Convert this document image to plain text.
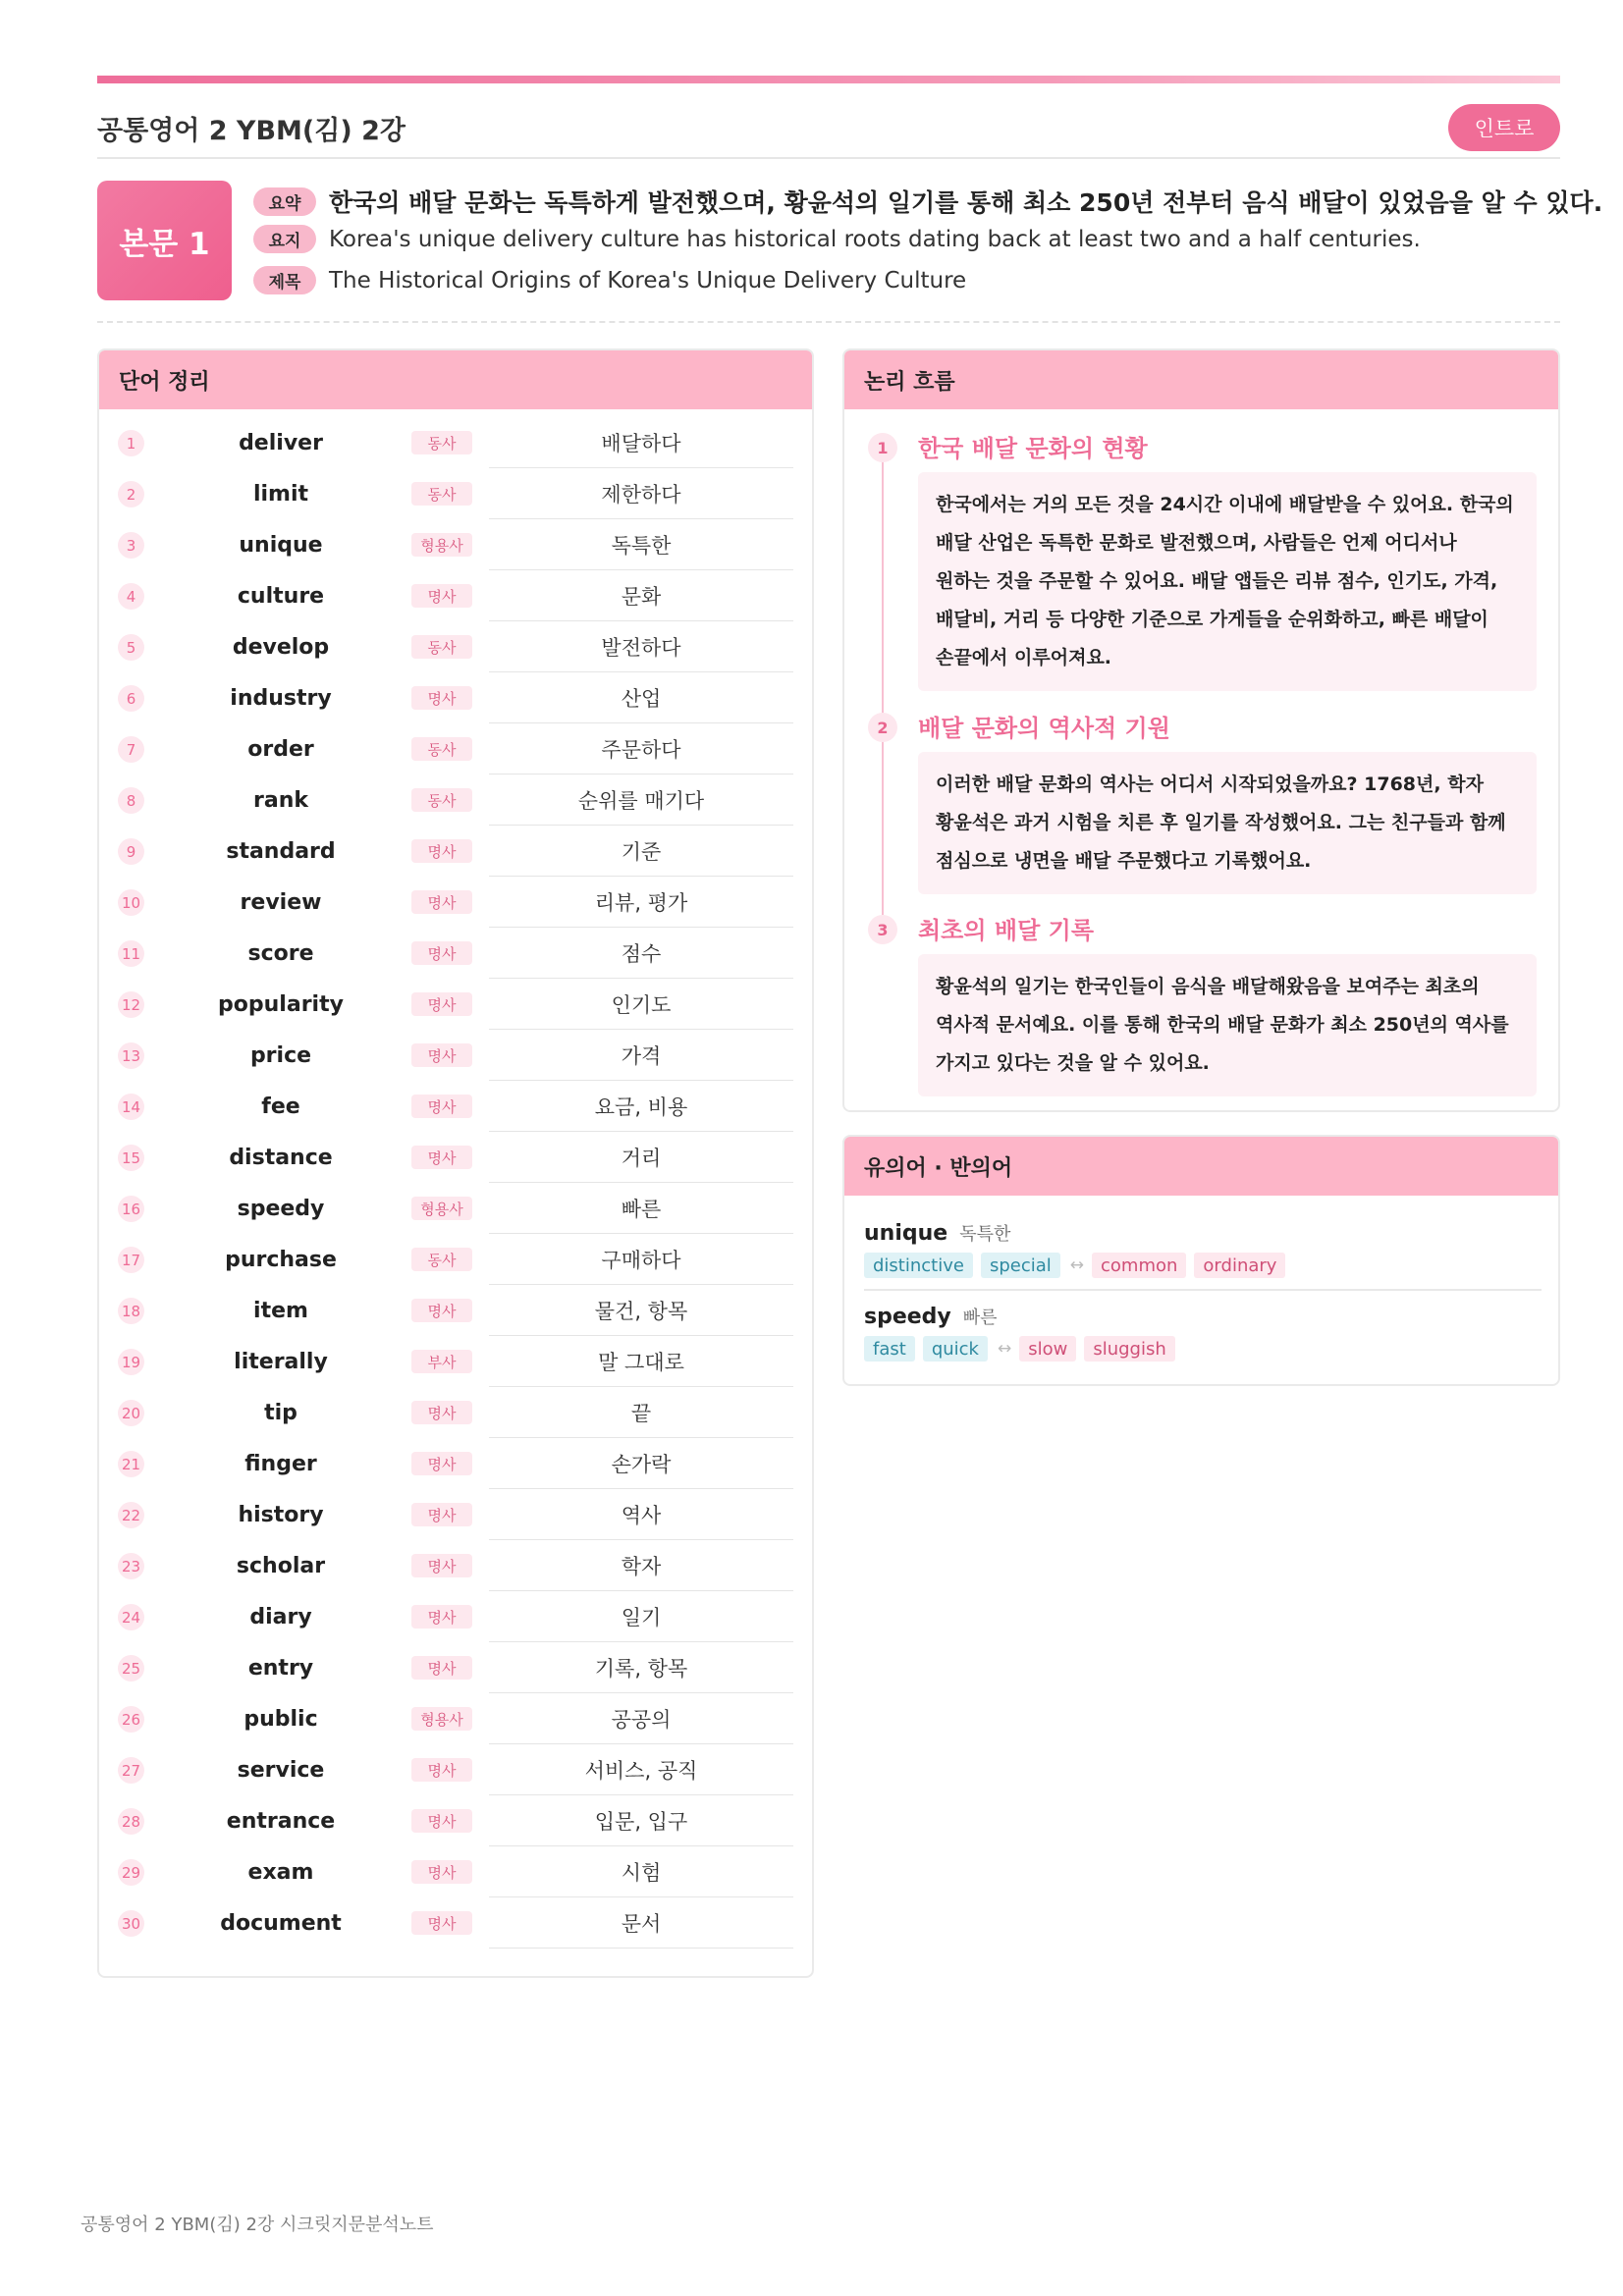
공통영어 2 YBM(김) 2강	인트로
본문 1
요약	한국의 배달 문화는 독특하게 발전했으며, 황윤석의 일기를 통해 최소 250년 전부터 음식 배달이 있었음을 알 수 있다.
요지	Korea's unique delivery culture has historical roots dating back at least two and a half centuries.
제목	The Historical Origins of Korea's Unique Delivery Culture
단어 정리
1	deliver	동사	배달하다
2	limit	동사	제한하다
3	unique	형용사	독특한
4	culture	명사	문화
5	develop	동사	발전하다
6	industry	명사	산업
7	order	동사	주문하다
8	rank	동사	순위를 매기다
9	standard	명사	기준
10	review	명사	리뷰, 평가
11	score	명사	점수
12	popularity	명사	인기도
13	price	명사	가격
14	fee	명사	요금, 비용
15	distance	명사	거리
16	speedy	형용사	빠른
17	purchase	동사	구매하다
18	item	명사	물건, 항목
19	literally	부사	말 그대로
20	tip	명사	끝
21	finger	명사	손가락
22	history	명사	역사
23	scholar	명사	학자
24	diary	명사	일기
25	entry	명사	기록, 항목
26	public	형용사	공공의
27	service	명사	서비스, 공직
28	entrance	명사	입문, 입구
29	exam	명사	시험
30	document	명사	문서
논리 흐름
1	한국 배달 문화의 현황
한국에서는 거의 모든 것을 24시간 이내에 배달받을 수 있어요. 한국의
배달 산업은 독특한 문화로 발전했으며, 사람들은 언제 어디서나
원하는 것을 주문할 수 있어요. 배달 앱들은 리뷰 점수, 인기도, 가격,
배달비, 거리 등 다양한 기준으로 가게들을 순위화하고, 빠른 배달이
손끝에서 이루어져요.
2	배달 문화의 역사적 기원
이러한 배달 문화의 역사는 어디서 시작되었을까요? 1768년, 학자
황윤석은 과거 시험을 치른 후 일기를 작성했어요. 그는 친구들과 함께
점심으로 냉면을 배달 주문했다고 기록했어요.
3	최초의 배달 기록
황윤석의 일기는 한국인들이 음식을 배달해왔음을 보여주는 최초의
역사적 문서예요. 이를 통해 한국의 배달 문화가 최소 250년의 역사를
가지고 있다는 것을 알 수 있어요.
유의어 · 반의어
unique 독특한
distinctive	special	↔ common	ordinary
speedy 빠른
fast	quick	↔ slow	sluggish
공통영어 2 YBM(김) 2강 시크릿지문분석노트
